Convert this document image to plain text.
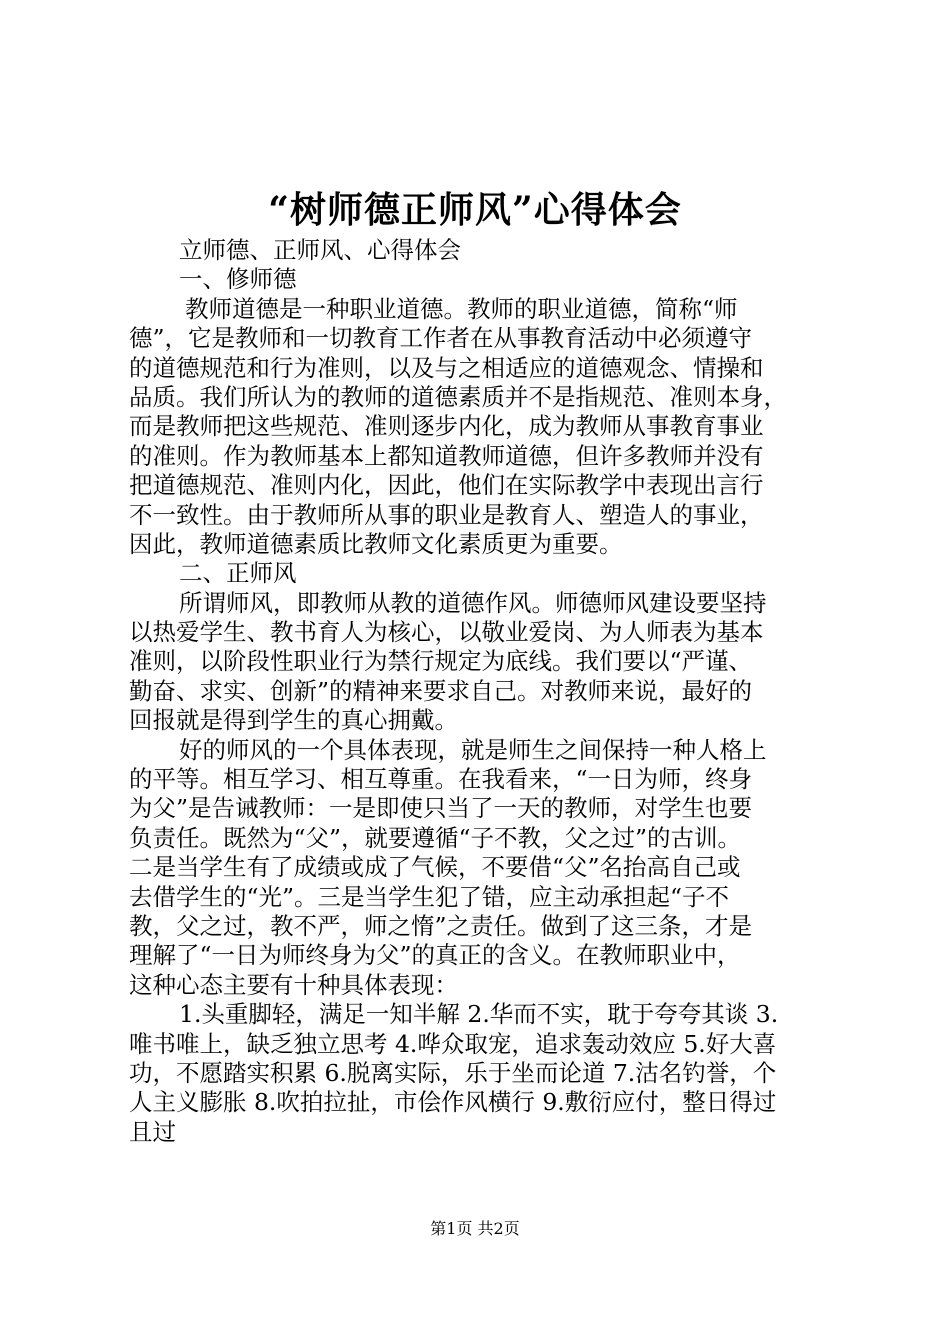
“树师德正师风”心得体会
立师德、正师风、心得体会
一、修师德
教师道德是一种职业道德。教师的职业道德，简称“师
德”，它是教师和一切教育工作者在从事教育活动中必须遵守
的道德规范和行为准则，以及与之相适应的道德观念、情操和
品质。我们所认为的教师的道德素质并不是指规范、准则本身，
而是教师把这些规范、准则逐步内化，成为教师从事教育事业
的准则。作为教师基本上都知道教师道德，但许多教师并没有
把道德规范、准则内化，因此，他们在实际教学中表现出言行
不一致性。由于教师所从事的职业是教育人、塑造人的事业，
因此，教师道德素质比教师文化素质更为重要。
二、正师风
所谓师风，即教师从教的道德作风。师德师风建设要坚持
以热爱学生、教书育人为核心，以敬业爱岗、为人师表为基本
准则，以阶段性职业行为禁行规定为底线。我们要以“严谨、
勤奋、求实、创新”的精神来要求自己。对教师来说，最好的
回报就是得到学生的真心拥戴。
好的师风的一个具体表现，就是师生之间保持一种人格上
的平等。相互学习、相互尊重。在我看来，“一日为师，终身
为父”是告诫教师：一是即使只当了一天的教师，对学生也要
负责任。既然为“父”，就要遵循“子不教，父之过”的古训。
二是当学生有了成绩或成了气候，不要借“父”名抬高自己或
去借学生的“光”。三是当学生犯了错，应主动承担起“子不
教，父之过，教不严，师之惰”之责任。做到了这三条，才是
理解了“一日为师终身为父”的真正的含义。在教师职业中，
这种心态主要有十种具体表现：
1.头重脚轻，满足一知半解 2.华而不实，耽于夸夸其谈 3.
唯书唯上，缺乏独立思考 4.哗众取宠，追求轰动效应 5.好大喜
功，不愿踏实积累 6.脱离实际，乐于坐而论道 7.沽名钓誉，个
人主义膨胀 8.吹拍拉扯，市侩作风横行 9.敷衍应付，整日得过
且过
第1页 共2页
